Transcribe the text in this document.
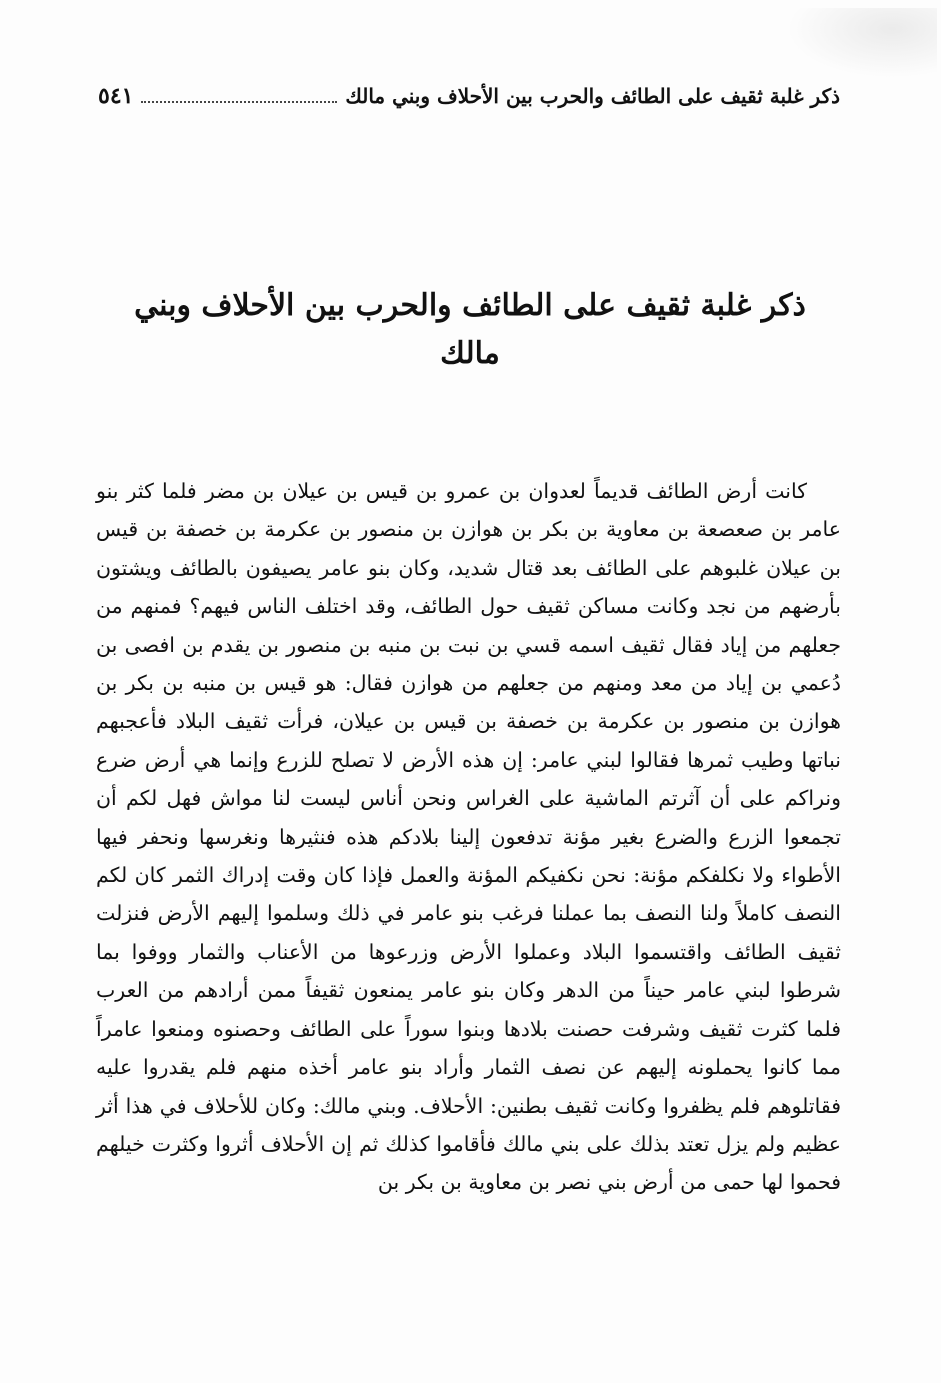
ذكر غلبة ثقيف على الطائف والحرب بين الأحلاف وبني مالك
٥٤١
ذكر غلبة ثقيف على الطائف والحرب بين الأحلاف وبني مالك

كانت أرض الطائف قديماً لعدوان بن عمرو بن قيس بن عيلان بن مضر فلما كثر بنو عامر بن صعصعة بن معاوية بن بكر بن هوازن بن منصور بن عكرمة بن خصفة بن قيس بن عيلان غلبوهم على الطائف بعد قتال شديد، وكان بنو عامر يصيفون بالطائف ويشتون بأرضهم من نجد وكانت مساكن ثقيف حول الطائف، وقد اختلف الناس فيهم؟ فمنهم من جعلهم من إياد فقال ثقيف اسمه قسي بن نبت بن منبه بن منصور بن يقدم بن افصى بن دُعمي بن إياد من معد ومنهم من جعلهم من هوازن فقال: هو قيس بن منبه بن بكر بن هوازن بن منصور بن عكرمة بن خصفة بن قيس بن عيلان، فرأت ثقيف البلاد فأعجبهم نباتها وطيب ثمرها فقالوا لبني عامر: إن هذه الأرض لا تصلح للزرع وإنما هي أرض ضرع ونراكم على أن آثرتم الماشية على الغراس ونحن أناس ليست لنا مواش فهل لكم أن تجمعوا الزرع والضرع بغير مؤنة تدفعون إلينا بلادكم هذه فنثيرها ونغرسها ونحفر فيها الأطواء ولا نكلفكم مؤنة: نحن نكفيكم المؤنة والعمل فإذا كان وقت إدراك الثمر كان لكم النصف كاملاً ولنا النصف بما عملنا فرغب بنو عامر في ذلك وسلموا إليهم الأرض فنزلت ثقيف الطائف واقتسموا البلاد وعملوا الأرض وزرعوها من الأعناب والثمار ووفوا بما شرطوا لبني عامر حيناً من الدهر وكان بنو عامر يمنعون ثقيفاً ممن أرادهم من العرب فلما كثرت ثقيف وشرفت حصنت بلادها وبنوا سوراً على الطائف وحصنوه ومنعوا عامراً مما كانوا يحملونه إليهم عن نصف الثمار وأراد بنو عامر أخذه منهم فلم يقدروا عليه فقاتلوهم فلم يظفروا وكانت ثقيف بطنين: الأحلاف. وبني مالك: وكان للأحلاف في هذا أثر عظيم ولم يزل تعتد بذلك على بني مالك فأقاموا كذلك ثم إن الأحلاف أثروا وكثرت خيلهم فحموا لها حمى من أرض بني نصر بن معاوية بن بكر بن
